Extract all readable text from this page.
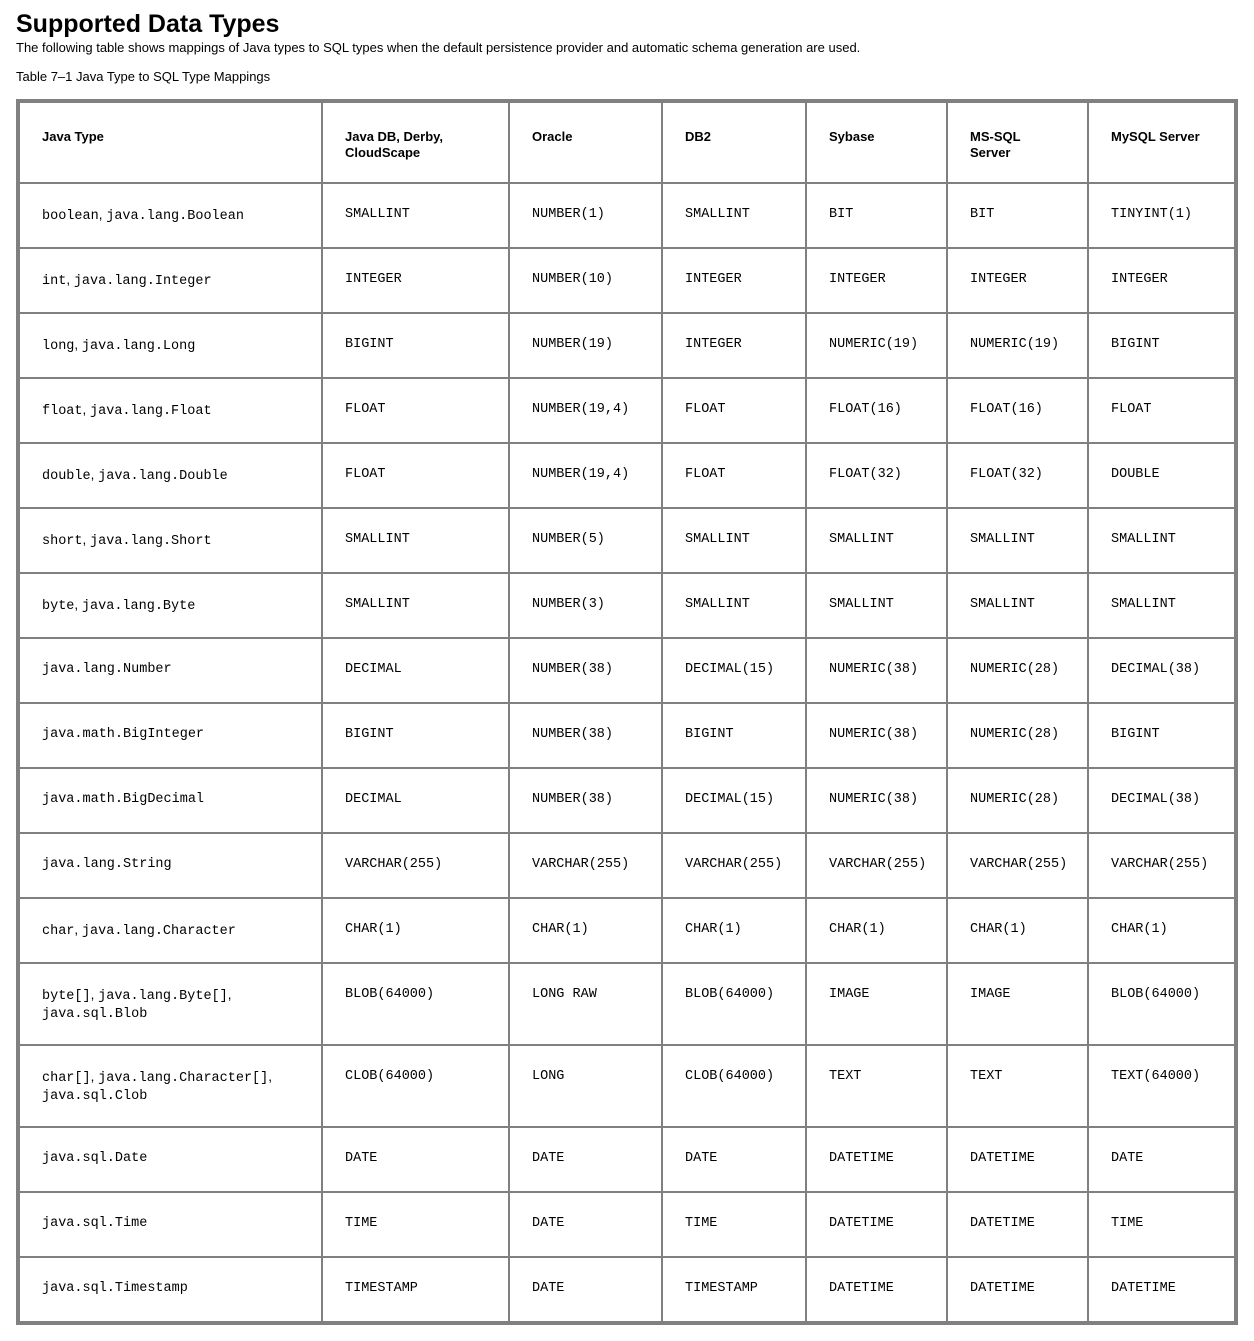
Supported Data Types

The following table shows mappings of Java types to SQL types when the default persistence provider and automatic schema generation are used.

Table 7–1 Java Type to SQL Type Mappings

Java Type	Java DB, Derby, CloudScape	Oracle	DB2	Sybase	MS-SQL Server	MySQL Server
boolean, java.lang.Boolean	SMALLINT	NUMBER(1)	SMALLINT	BIT	BIT	TINYINT(1)
int, java.lang.Integer	INTEGER	NUMBER(10)	INTEGER	INTEGER	INTEGER	INTEGER
long, java.lang.Long	BIGINT	NUMBER(19)	INTEGER	NUMERIC(19)	NUMERIC(19)	BIGINT
float, java.lang.Float	FLOAT	NUMBER(19,4)	FLOAT	FLOAT(16)	FLOAT(16)	FLOAT
double, java.lang.Double	FLOAT	NUMBER(19,4)	FLOAT	FLOAT(32)	FLOAT(32)	DOUBLE
short, java.lang.Short	SMALLINT	NUMBER(5)	SMALLINT	SMALLINT	SMALLINT	SMALLINT
byte, java.lang.Byte	SMALLINT	NUMBER(3)	SMALLINT	SMALLINT	SMALLINT	SMALLINT
java.lang.Number	DECIMAL	NUMBER(38)	DECIMAL(15)	NUMERIC(38)	NUMERIC(28)	DECIMAL(38)
java.math.BigInteger	BIGINT	NUMBER(38)	BIGINT	NUMERIC(38)	NUMERIC(28)	BIGINT
java.math.BigDecimal	DECIMAL	NUMBER(38)	DECIMAL(15)	NUMERIC(38)	NUMERIC(28)	DECIMAL(38)
java.lang.String	VARCHAR(255)	VARCHAR(255)	VARCHAR(255)	VARCHAR(255)	VARCHAR(255)	VARCHAR(255)
char, java.lang.Character	CHAR(1)	CHAR(1)	CHAR(1)	CHAR(1)	CHAR(1)	CHAR(1)
byte[], java.lang.Byte[],
java.sql.Blob	BLOB(64000)	LONG RAW	BLOB(64000)	IMAGE	IMAGE	BLOB(64000)
char[], java.lang.Character[],
java.sql.Clob	CLOB(64000)	LONG	CLOB(64000)	TEXT	TEXT	TEXT(64000)
java.sql.Date	DATE	DATE	DATE	DATETIME	DATETIME	DATE
java.sql.Time	TIME	DATE	TIME	DATETIME	DATETIME	TIME
java.sql.Timestamp	TIMESTAMP	DATE	TIMESTAMP	DATETIME	DATETIME	DATETIME
